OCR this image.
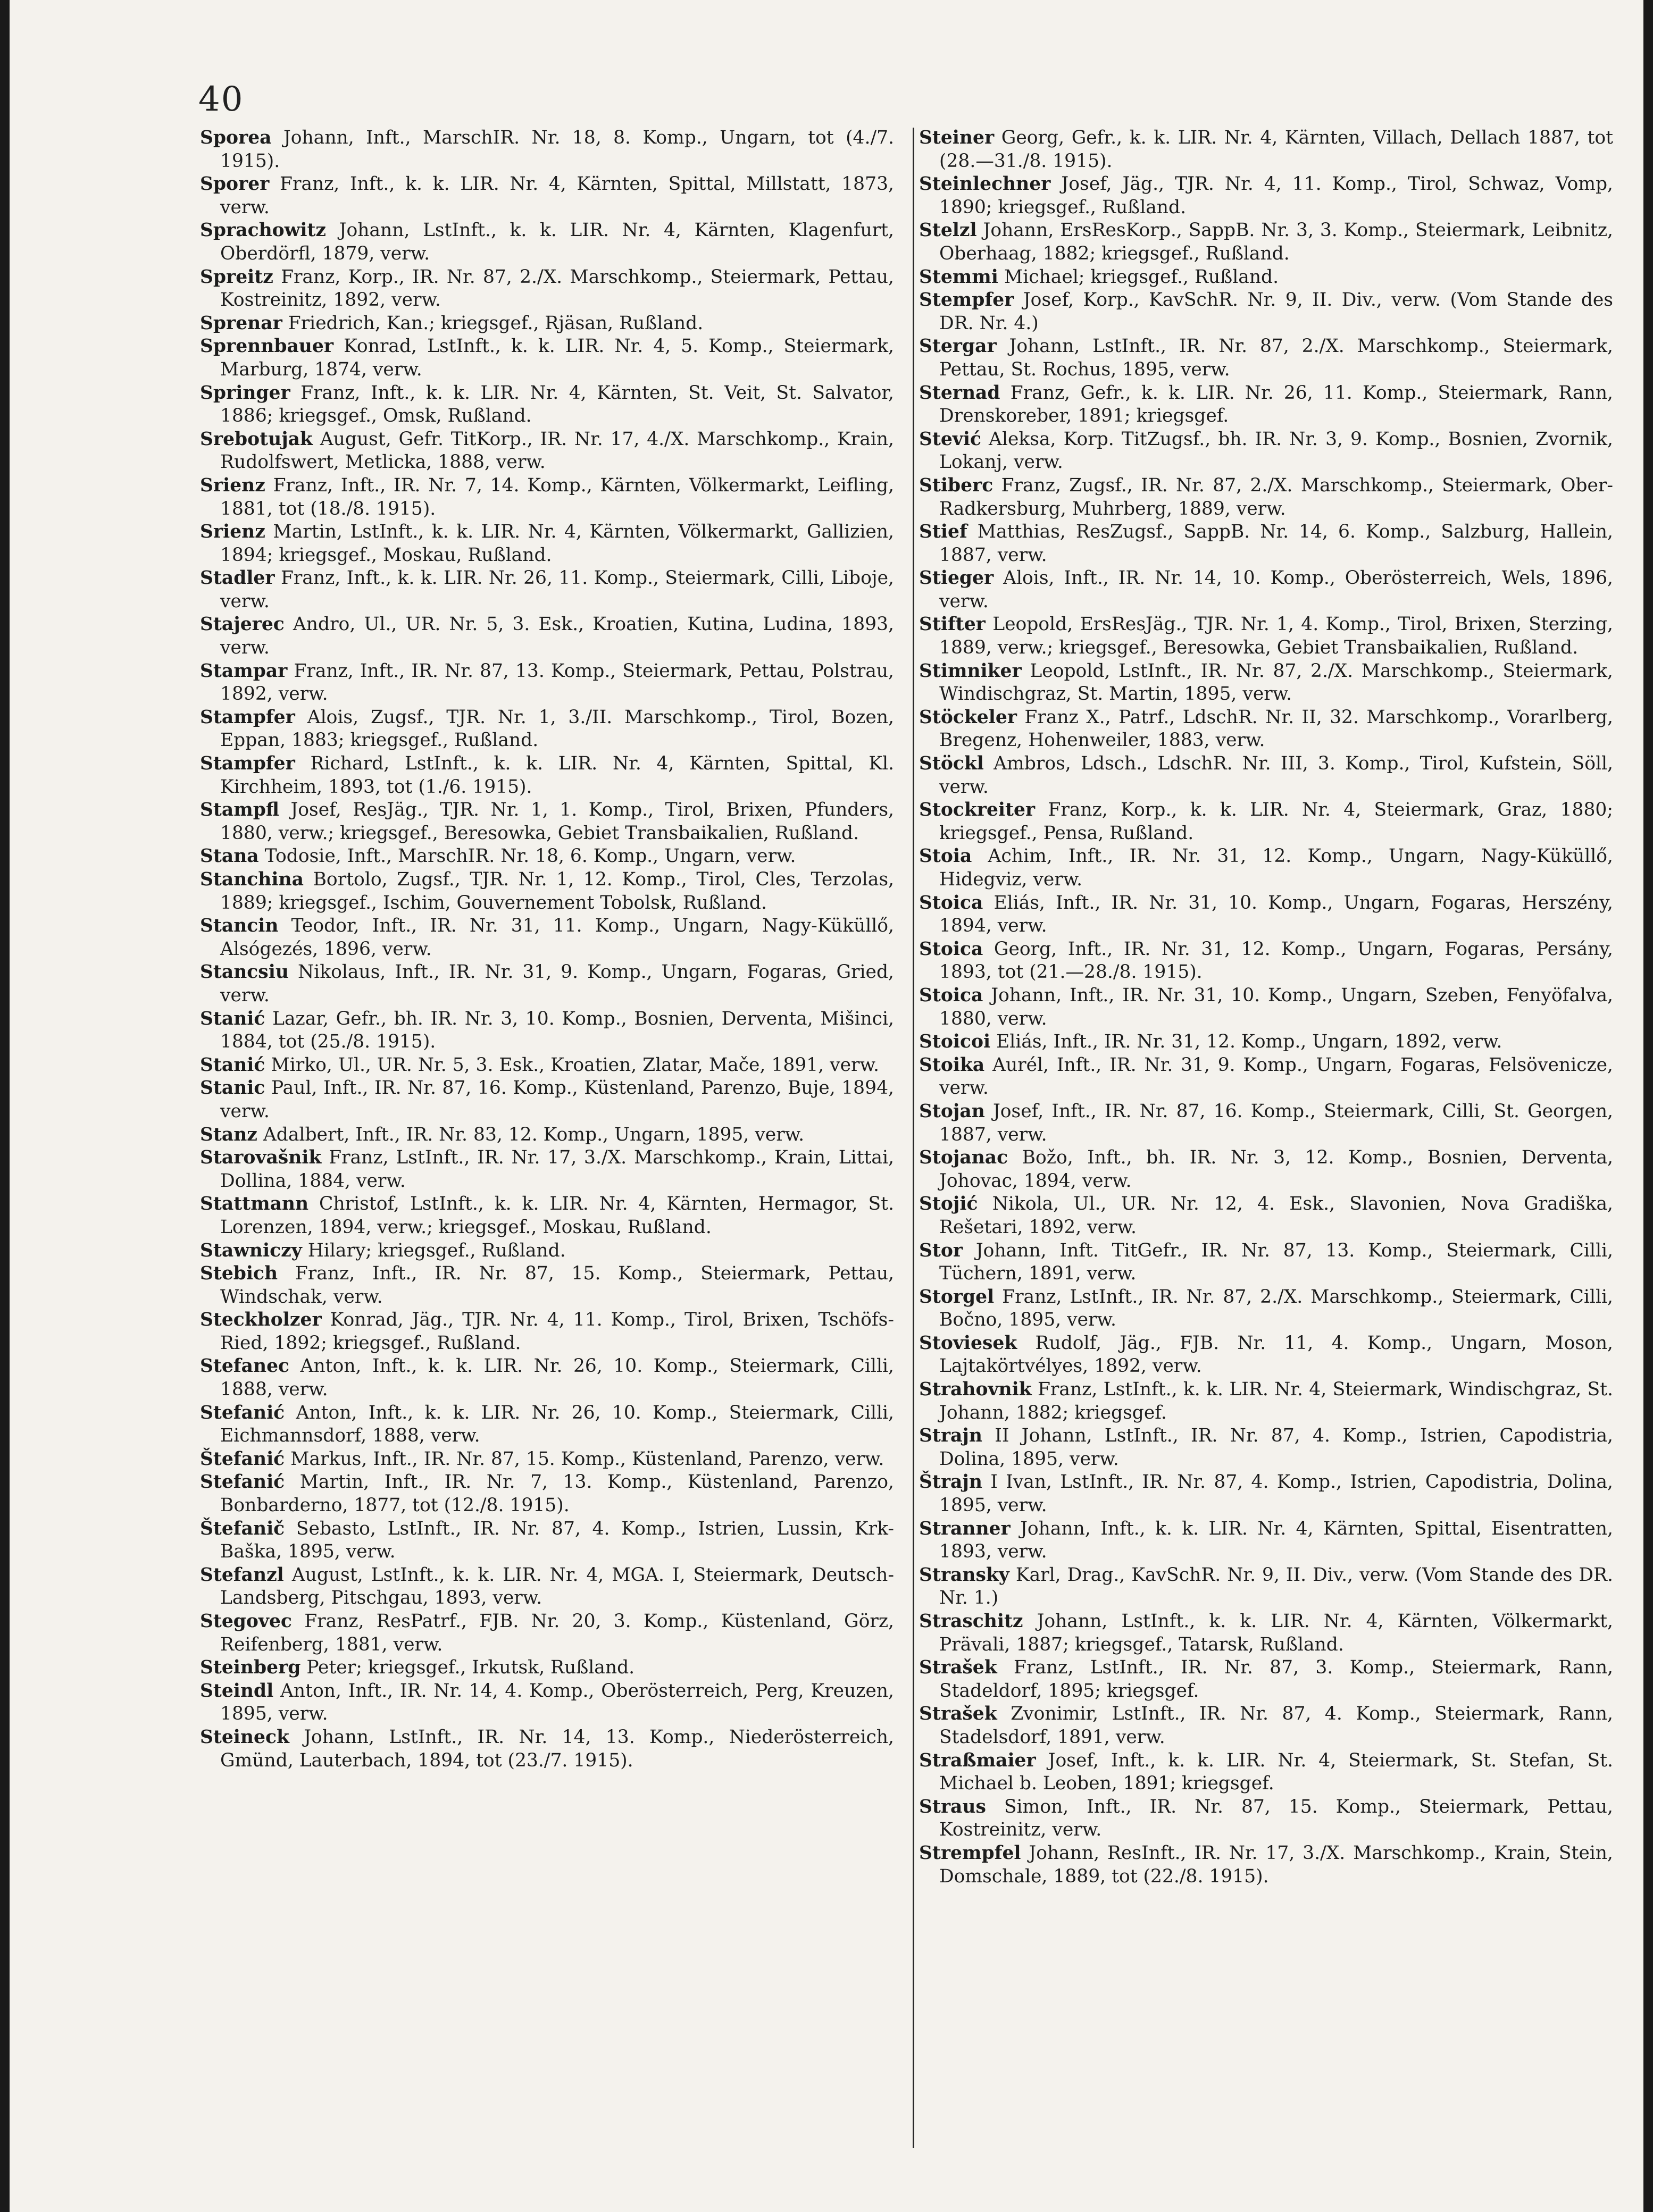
40

Sporea Johann, Inft., MarschIR. Nr. 18, 8. Komp., Ungarn, tot (4./7. 1915).

Sporer Franz, Inft., k. k. LIR. Nr. 4, Kärnten, Spittal, Millstatt, 1873, verw.

Sprachowitz Johann, LstInft., k. k. LIR. Nr. 4, Kärnten, Klagenfurt, Oberdörfl, 1879, verw.

Spreitz Franz, Korp., IR. Nr. 87, 2./X. Marschkomp., Steiermark, Pettau, Kostreinitz, 1892, verw.

Sprenar Friedrich, Kan.; kriegsgef., Rjäsan, Rußland.

Sprennbauer Konrad, LstInft., k. k. LIR. Nr. 4, 5. Komp., Steiermark, Marburg, 1874, verw.

Springer Franz, Inft., k. k. LIR. Nr. 4, Kärnten, St. Veit, St. Salvator, 1886; kriegsgef., Omsk, Rußland.

Srebotujak August, Gefr. TitKorp., IR. Nr. 17, 4./X. Marschkomp., Krain, Rudolfswert, Metlicka, 1888, verw.

Srienz Franz, Inft., IR. Nr. 7, 14. Komp., Kärnten, Völkermarkt, Leifling, 1881, tot (18./8. 1915).

Srienz Martin, LstInft., k. k. LIR. Nr. 4, Kärnten, Völkermarkt, Gallizien, 1894; kriegsgef., Moskau, Rußland.

Stadler Franz, Inft., k. k. LIR. Nr. 26, 11. Komp., Steiermark, Cilli, Liboje, verw.

Stajerec Andro, Ul., UR. Nr. 5, 3. Esk., Kroatien, Kutina, Ludina, 1893, verw.

Stampar Franz, Inft., IR. Nr. 87, 13. Komp., Steiermark, Pettau, Polstrau, 1892, verw.

Stampfer Alois, Zugsf., TJR. Nr. 1, 3./II. Marschkomp., Tirol, Bozen, Eppan, 1883; kriegsgef., Rußland.

Stampfer Richard, LstInft., k. k. LIR. Nr. 4, Kärnten, Spittal, Kl. Kirchheim, 1893, tot (1./6. 1915).

Stampfl Josef, ResJäg., TJR. Nr. 1, 1. Komp., Tirol, Brixen, Pfunders, 1880, verw.; kriegsgef., Beresowka, Gebiet Transbaikalien, Rußland.

Stana Todosie, Inft., MarschIR. Nr. 18, 6. Komp., Ungarn, verw.

Stanchina Bortolo, Zugsf., TJR. Nr. 1, 12. Komp., Tirol, Cles, Terzolas, 1889; kriegsgef., Ischim, Gouvernement Tobolsk, Rußland.

Stancin Teodor, Inft., IR. Nr. 31, 11. Komp., Ungarn, Nagy-Küküllő, Alsógezés, 1896, verw.

Stancsiu Nikolaus, Inft., IR. Nr. 31, 9. Komp., Ungarn, Fogaras, Gried, verw.

Stanić Lazar, Gefr., bh. IR. Nr. 3, 10. Komp., Bosnien, Derventa, Mišinci, 1884, tot (25./8. 1915).

Stanić Mirko, Ul., UR. Nr. 5, 3. Esk., Kroatien, Zlatar, Mače, 1891, verw.

Stanic Paul, Inft., IR. Nr. 87, 16. Komp., Küstenland, Parenzo, Buje, 1894, verw.

Stanz Adalbert, Inft., IR. Nr. 83, 12. Komp., Ungarn, 1895, verw.

Starovašnik Franz, LstInft., IR. Nr. 17, 3./X. Marschkomp., Krain, Littai, Dollina, 1884, verw.

Stattmann Christof, LstInft., k. k. LIR. Nr. 4, Kärnten, Hermagor, St. Lorenzen, 1894, verw.; kriegsgef., Moskau, Rußland.

Stawniczy Hilary; kriegsgef., Rußland.

Stebich Franz, Inft., IR. Nr. 87, 15. Komp., Steiermark, Pettau, Windschak, verw.

Steckholzer Konrad, Jäg., TJR. Nr. 4, 11. Komp., Tirol, Brixen, Tschöfs-Ried, 1892; kriegsgef., Rußland.

Stefanec Anton, Inft., k. k. LIR. Nr. 26, 10. Komp., Steiermark, Cilli, 1888, verw.

Stefanić Anton, Inft., k. k. LIR. Nr. 26, 10. Komp., Steiermark, Cilli, Eichmannsdorf, 1888, verw.

Štefanić Markus, Inft., IR. Nr. 87, 15. Komp., Küstenland, Parenzo, verw.

Stefanić Martin, Inft., IR. Nr. 7, 13. Komp., Küstenland, Parenzo, Bonbarderno, 1877, tot (12./8. 1915).

Štefanič Sebasto, LstInft., IR. Nr. 87, 4. Komp., Istrien, Lussin, Krk-Baška, 1895, verw.

Stefanzl August, LstInft., k. k. LIR. Nr. 4, MGA. I, Steiermark, Deutsch-Landsberg, Pitschgau, 1893, verw.

Stegovec Franz, ResPatrf., FJB. Nr. 20, 3. Komp., Küstenland, Görz, Reifenberg, 1881, verw.

Steinberg Peter; kriegsgef., Irkutsk, Rußland.

Steindl Anton, Inft., IR. Nr. 14, 4. Komp., Oberösterreich, Perg, Kreuzen, 1895, verw.

Steineck Johann, LstInft., IR. Nr. 14, 13. Komp., Niederösterreich, Gmünd, Lauterbach, 1894, tot (23./7. 1915).

Steiner Georg, Gefr., k. k. LIR. Nr. 4, Kärnten, Villach, Dellach 1887, tot (28.—31./8. 1915).

Steinlechner Josef, Jäg., TJR. Nr. 4, 11. Komp., Tirol, Schwaz, Vomp, 1890; kriegsgef., Rußland.

Stelzl Johann, ErsResKorp., SappB. Nr. 3, 3. Komp., Steiermark, Leibnitz, Oberhaag, 1882; kriegsgef., Rußland.

Stemmi Michael; kriegsgef., Rußland.

Stempfer Josef, Korp., KavSchR. Nr. 9, II. Div., verw. (Vom Stande des DR. Nr. 4.)

Stergar Johann, LstInft., IR. Nr. 87, 2./X. Marschkomp., Steiermark, Pettau, St. Rochus, 1895, verw.

Sternad Franz, Gefr., k. k. LIR. Nr. 26, 11. Komp., Steiermark, Rann, Drenskoreber, 1891; kriegsgef.

Stević Aleksa, Korp. TitZugsf., bh. IR. Nr. 3, 9. Komp., Bosnien, Zvornik, Lokanj, verw.

Stiberc Franz, Zugsf., IR. Nr. 87, 2./X. Marschkomp., Steiermark, Ober-Radkersburg, Muhrberg, 1889, verw.

Stief Matthias, ResZugsf., SappB. Nr. 14, 6. Komp., Salzburg, Hallein, 1887, verw.

Stieger Alois, Inft., IR. Nr. 14, 10. Komp., Oberösterreich, Wels, 1896, verw.

Stifter Leopold, ErsResJäg., TJR. Nr. 1, 4. Komp., Tirol, Brixen, Sterzing, 1889, verw.; kriegsgef., Beresowka, Gebiet Transbaikalien, Rußland.

Stimniker Leopold, LstInft., IR. Nr. 87, 2./X. Marschkomp., Steiermark, Windischgraz, St. Martin, 1895, verw.

Stöckeler Franz X., Patrf., LdschR. Nr. II, 32. Marschkomp., Vorarlberg, Bregenz, Hohenweiler, 1883, verw.

Stöckl Ambros, Ldsch., LdschR. Nr. III, 3. Komp., Tirol, Kufstein, Söll, verw.

Stockreiter Franz, Korp., k. k. LIR. Nr. 4, Steiermark, Graz, 1880; kriegsgef., Pensa, Rußland.

Stoia Achim, Inft., IR. Nr. 31, 12. Komp., Ungarn, Nagy-Küküllő, Hidegviz, verw.

Stoica Eliás, Inft., IR. Nr. 31, 10. Komp., Ungarn, Fogaras, Herszény, 1894, verw.

Stoica Georg, Inft., IR. Nr. 31, 12. Komp., Ungarn, Fogaras, Persány, 1893, tot (21.—28./8. 1915).

Stoica Johann, Inft., IR. Nr. 31, 10. Komp., Ungarn, Szeben, Fenyöfalva, 1880, verw.

Stoicoi Eliás, Inft., IR. Nr. 31, 12. Komp., Ungarn, 1892, verw.

Stoika Aurél, Inft., IR. Nr. 31, 9. Komp., Ungarn, Fogaras, Felsövenicze, verw.

Stojan Josef, Inft., IR. Nr. 87, 16. Komp., Steiermark, Cilli, St. Georgen, 1887, verw.

Stojanac Božo, Inft., bh. IR. Nr. 3, 12. Komp., Bosnien, Derventa, Johovac, 1894, verw.

Stojić Nikola, Ul., UR. Nr. 12, 4. Esk., Slavonien, Nova Gradiška, Rešetari, 1892, verw.

Stor Johann, Inft. TitGefr., IR. Nr. 87, 13. Komp., Steiermark, Cilli, Tüchern, 1891, verw.

Storgel Franz, LstInft., IR. Nr. 87, 2./X. Marschkomp., Steiermark, Cilli, Bočno, 1895, verw.

Stoviesek Rudolf, Jäg., FJB. Nr. 11, 4. Komp., Ungarn, Moson, Lajtakörtvélyes, 1892, verw.

Strahovnik Franz, LstInft., k. k. LIR. Nr. 4, Steiermark, Windischgraz, St. Johann, 1882; kriegsgef.

Strajn II Johann, LstInft., IR. Nr. 87, 4. Komp., Istrien, Capodistria, Dolina, 1895, verw.

Štrajn I Ivan, LstInft., IR. Nr. 87, 4. Komp., Istrien, Capodistria, Dolina, 1895, verw.

Stranner Johann, Inft., k. k. LIR. Nr. 4, Kärnten, Spittal, Eisentratten, 1893, verw.

Stransky Karl, Drag., KavSchR. Nr. 9, II. Div., verw. (Vom Stande des DR. Nr. 1.)

Straschitz Johann, LstInft., k. k. LIR. Nr. 4, Kärnten, Völkermarkt, Prävali, 1887; kriegsgef., Tatarsk, Rußland.

Strašek Franz, LstInft., IR. Nr. 87, 3. Komp., Steiermark, Rann, Stadeldorf, 1895; kriegsgef.

Strašek Zvonimir, LstInft., IR. Nr. 87, 4. Komp., Steiermark, Rann, Stadelsdorf, 1891, verw.

Straßmaier Josef, Inft., k. k. LIR. Nr. 4, Steiermark, St. Stefan, St. Michael b. Leoben, 1891; kriegsgef.

Straus Simon, Inft., IR. Nr. 87, 15. Komp., Steiermark, Pettau, Kostreinitz, verw.

Strempfel Johann, ResInft., IR. Nr. 17, 3./X. Marschkomp., Krain, Stein, Domschale, 1889, tot (22./8. 1915).
